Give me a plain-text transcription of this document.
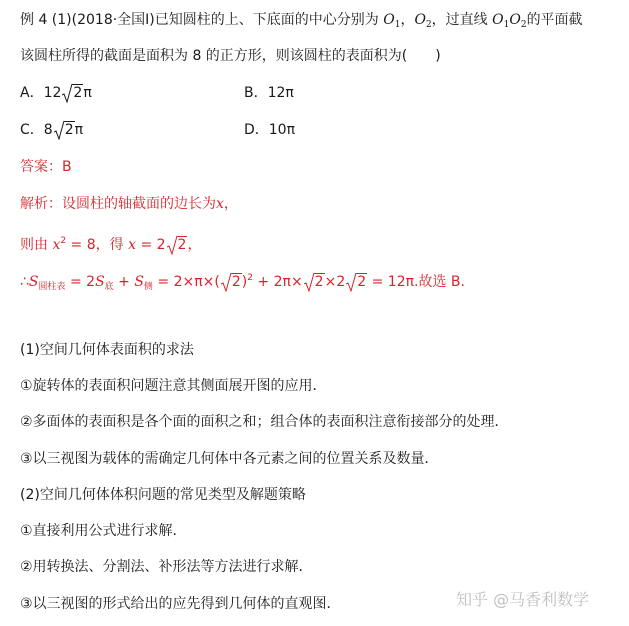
例 4 (1)(2018·全国Ⅰ)已知圆柱的上、下底面的中心分别为 $O_1$，$O_2$，过直线 $O_1O_2$的平面截
该圆柱所得的截面是面积为 8 的正方形，则该圆柱的表面积为(　　)
A．12 2π	B．12π
C．8 2π	D．10π
答案：B
解析：设圆柱的轴截面的边长为x，
则由 $x^2 = 8$，得 x = 2 2，
$\therefore S_{圆柱表} = 2S_底 + S_侧 = 2\times\pi\times$( 2)$^2$ + 2π× 2×2 2 = 12π.故选 B.
(1)空间几何体表面积的求法
①旋转体的表面积问题注意其侧面展开图的应用．
②多面体的表面积是各个面的面积之和；组合体的表面积注意衔接部分的处理．
③以三视图为载体的需确定几何体中各元素之间的位置关系及数量．
(2)空间几何体体积问题的常见类型及解题策略
①直接利用公式进行求解．
②用转换法、分割法、补形法等方法进行求解．
③以三视图的形式给出的应先得到几何体的直观图．	知乎 @马香利数学
